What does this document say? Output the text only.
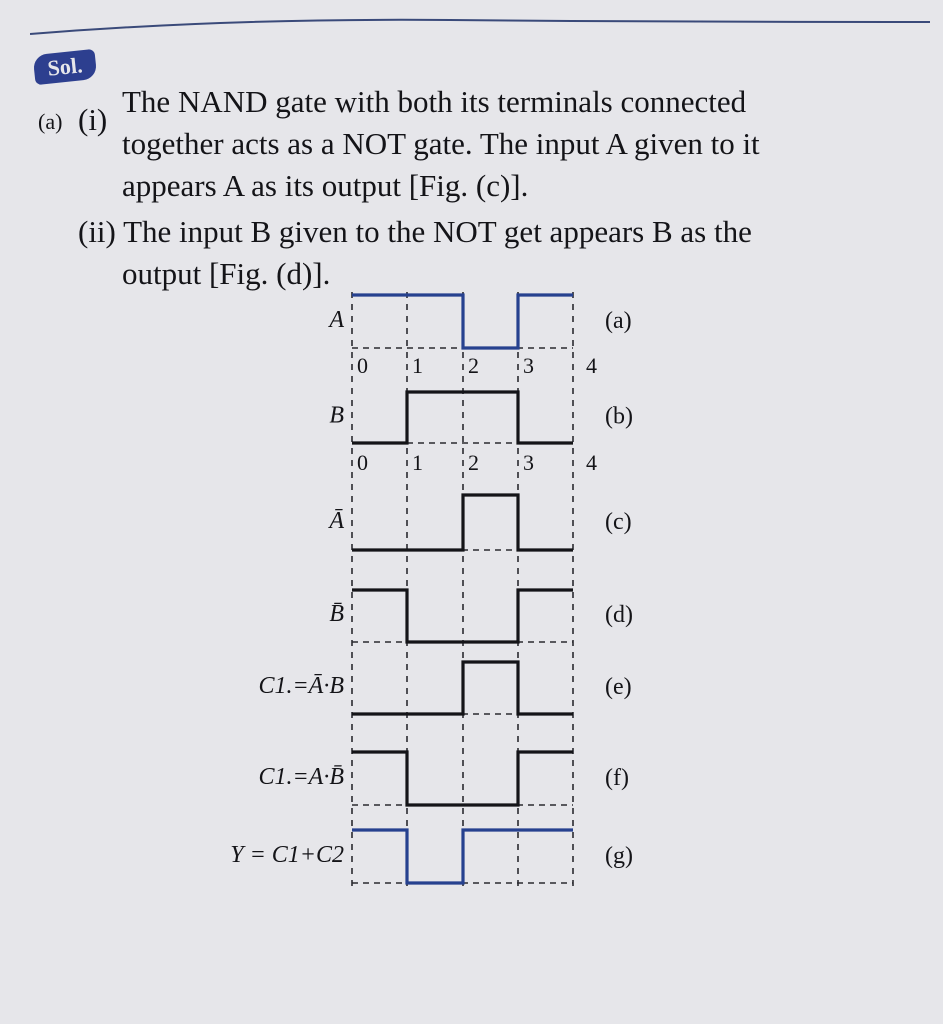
Sol.
(a) (i)
The NAND gate with both its terminals connected
together acts as a NOT gate. The input A given to it
appears A as its output [Fig. (c)].
(ii) The input B given to the NOT get appears B as the
output [Fig. (d)].
A	(a)
B	(b)
Ā	(c)
B̄	(d)
C1.=Ā·B	(e)
C1.=A·B̄	(f)
Y = C1+C2	(g)
0 1 2 3 4
0 1 2 3 4
